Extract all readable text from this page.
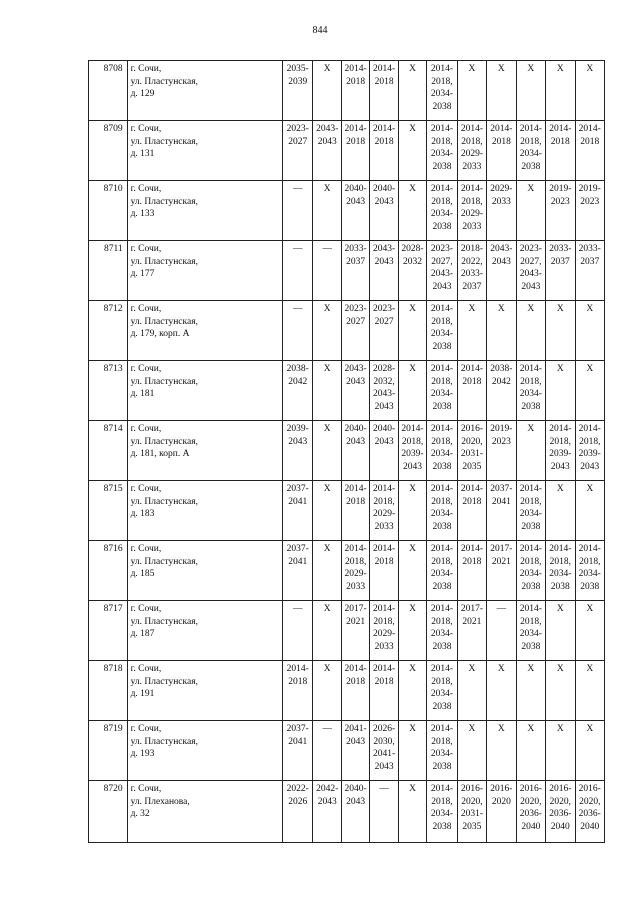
844
8708	г. Сочи,
ул. Пластунская,
д. 129	2035-
2039	Х	2014-
2018	2014-
2018	Х	2014-
2018,
2034-
2038	Х	Х	Х	Х	Х

8709	г. Сочи,
ул. Пластунская,
д. 131	2023-
2027	2043-
2043	2014-
2018	2014-
2018	Х	2014-
2018,
2034-
2038	2014-
2018,
2029-
2033	2014-
2018	2014-
2018,
2034-
2038	2014-
2018	2014-
2018

8710	г. Сочи,
ул. Пластунская,
д. 133	—	Х	2040-
2043	2040-
2043	Х	2014-
2018,
2034-
2038	2014-
2018,
2029-
2033	2029-
2033	Х	2019-
2023	2019-
2023

8711	г. Сочи,
ул. Пластунская,
д. 177	—	—	2033-
2037	2043-
2043	2028-
2032	2023-
2027,
2043-
2043	2018-
2022,
2033-
2037	2043-
2043	2023-
2027,
2043-
2043	2033-
2037	2033-
2037

8712	г. Сочи,
ул. Пластунская,
д. 179, корп. А	—	Х	2023-
2027	2023-
2027	Х	2014-
2018,
2034-
2038	Х	Х	Х	Х	Х

8713	г. Сочи,
ул. Пластунская,
д. 181	2038-
2042	Х	2043-
2043	2028-
2032,
2043-
2043	Х	2014-
2018,
2034-
2038	2014-
2018	2038-
2042	2014-
2018,
2034-
2038	Х	Х

8714	г. Сочи,
ул. Пластунская,
д. 181, корп. А	2039-
2043	Х	2040-
2043	2040-
2043	2014-
2018,
2039-
2043	2014-
2018,
2034-
2038	2016-
2020,
2031-
2035	2019-
2023	Х	2014-
2018,
2039-
2043	2014-
2018,
2039-
2043

8715	г. Сочи,
ул. Пластунская,
д. 183	2037-
2041	Х	2014-
2018	2014-
2018,
2029-
2033	Х	2014-
2018,
2034-
2038	2014-
2018	2037-
2041	2014-
2018,
2034-
2038	Х	Х

8716	г. Сочи,
ул. Пластунская,
д. 185	2037-
2041	Х	2014-
2018,
2029-
2033	2014-
2018	Х	2014-
2018,
2034-
2038	2014-
2018	2017-
2021	2014-
2018,
2034-
2038	2014-
2018,
2034-
2038	2014-
2018,
2034-
2038

8717	г. Сочи,
ул. Пластунская,
д. 187	—	Х	2017-
2021	2014-
2018,
2029-
2033	Х	2014-
2018,
2034-
2038	2017-
2021	—	2014-
2018,
2034-
2038	Х	Х

8718	г. Сочи,
ул. Пластунская,
д. 191	2014-
2018	Х	2014-
2018	2014-
2018	Х	2014-
2018,
2034-
2038	Х	Х	Х	Х	Х

8719	г. Сочи,
ул. Пластунская,
д. 193	2037-
2041	—	2041-
2043	2026-
2030,
2041-
2043	Х	2014-
2018,
2034-
2038	Х	Х	Х	Х	Х

8720	г. Сочи,
ул. Плеханова,
д. 32	2022-
2026	2042-
2043	2040-
2043	—	Х	2014-
2018,
2034-
2038	2016-
2020,
2031-
2035	2016-
2020	2016-
2020,
2036-
2040	2016-
2020,
2036-
2040	2016-
2020,
2036-
2040
